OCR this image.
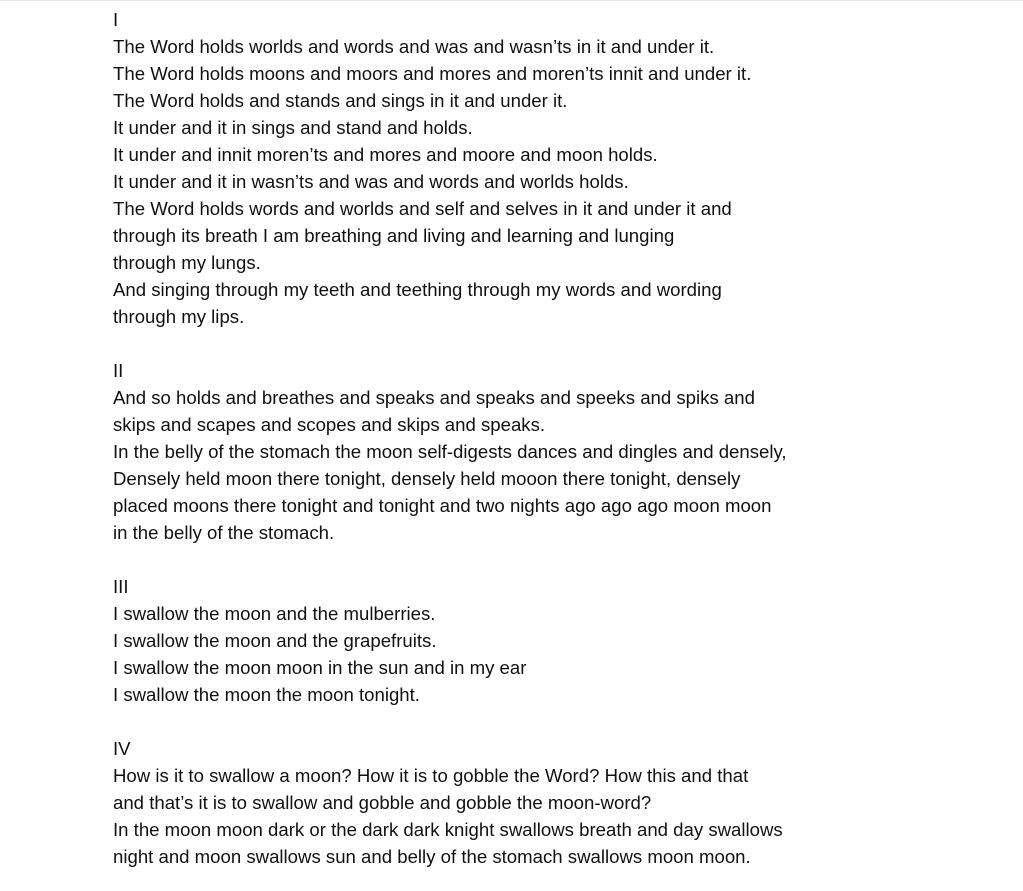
I
The Word holds worlds and words and was and wasn’ts in it and under it.
The Word holds moons and moors and mores and moren’ts innit and under it.
The Word holds and stands and sings in it and under it.
It under and it in sings and stand and holds.
It under and innit moren’ts and mores and moore and moon holds.
It under and it in wasn’ts and was and words and worlds holds.
The Word holds words and worlds and self and selves in it and under it and
through its breath I am breathing and living and learning and lunging
through my lungs.
And singing through my teeth and teething through my words and wording
through my lips.
II
And so holds and breathes and speaks and speaks and speeks and spiks and
skips and scapes and scopes and skips and speaks.
In the belly of the stomach the moon self-digests dances and dingles and densely,
Densely held moon there tonight, densely held mooon there tonight, densely
placed moons there tonight and tonight and two nights ago ago ago moon moon
in the belly of the stomach.
III
I swallow the moon and the mulberries.
I swallow the moon and the grapefruits.
I swallow the moon moon in the sun and in my ear
I swallow the moon the moon tonight.
IV
How is it to swallow a moon? How it is to gobble the Word? How this and that
and that’s it is to swallow and gobble and gobble the moon-word?
In the moon moon dark or the dark dark knight swallows breath and day swallows
night and moon swallows sun and belly of the stomach swallows moon moon.
